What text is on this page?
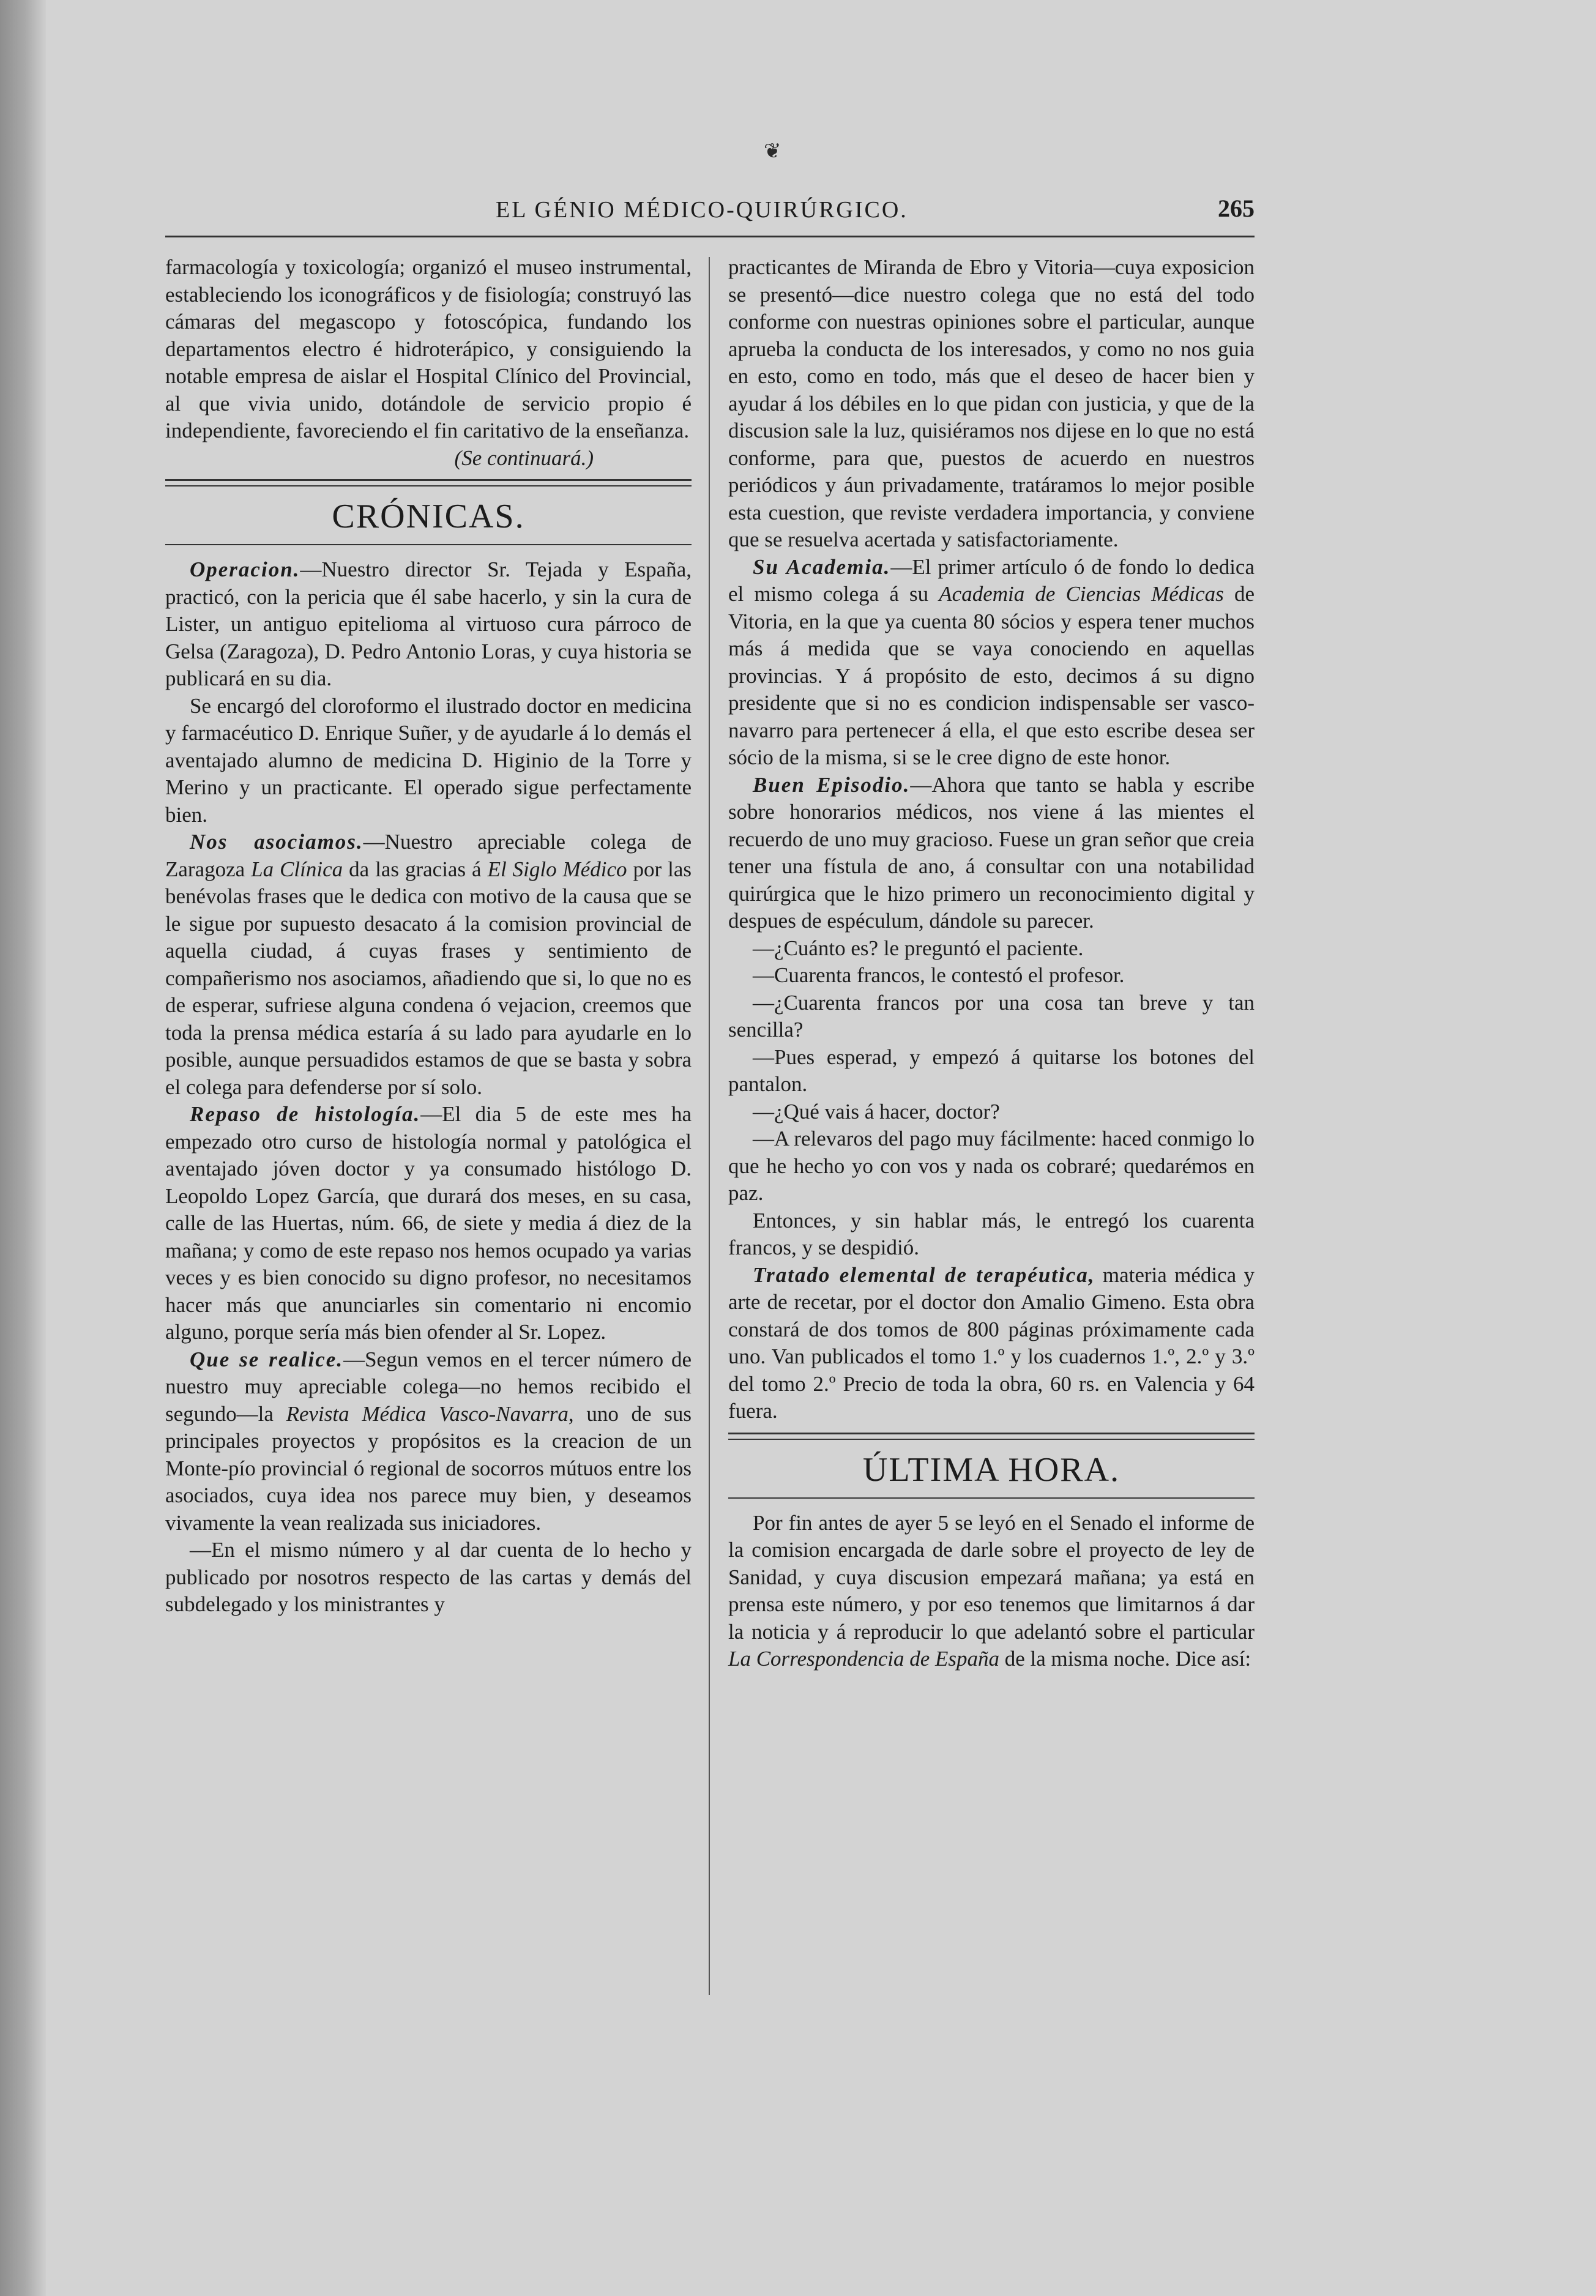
❦
EL GÉNIO MÉDICO-QUIRÚRGICO.	265

farmacología y toxicología; organizó el museo instrumental, estableciendo los iconográficos y de fisiología; construyó las cámaras del megascopo y fotoscópica, fundando los departamentos electro é hidroterápico, y consiguiendo la notable empresa de aislar el Hospital Clínico del Provincial, al que vivia unido, dotándole de servicio propio é independiente, favoreciendo el fin caritativo de la enseñanza.

(Se continuará.)

CRÓNICAS.

Operacion.—Nuestro director Sr. Tejada y España, practicó, con la pericia que él sabe hacerlo, y sin la cura de Lister, un antiguo epitelioma al virtuoso cura párroco de Gelsa (Zaragoza), D. Pedro Antonio Loras, y cuya historia se publicará en su dia.

Se encargó del cloroformo el ilustrado doctor en medicina y farmacéutico D. Enrique Suñer, y de ayudarle á lo demás el aventajado alumno de medicina D. Higinio de la Torre y Merino y un practicante. El operado sigue perfectamente bien.

Nos asociamos.—Nuestro apreciable colega de Zaragoza La Clínica da las gracias á El Siglo Médico por las benévolas frases que le dedica con motivo de la causa que se le sigue por supuesto desacato á la comision provincial de aquella ciudad, á cuyas frases y sentimiento de compañerismo nos asociamos, añadiendo que si, lo que no es de esperar, sufriese alguna condena ó vejacion, creemos que toda la prensa médica estaría á su lado para ayudarle en lo posible, aunque persuadidos estamos de que se basta y sobra el colega para defenderse por sí solo.

Repaso de histología.—El dia 5 de este mes ha empezado otro curso de histología normal y patológica el aventajado jóven doctor y ya consumado histólogo D. Leopoldo Lopez García, que durará dos meses, en su casa, calle de las Huertas, núm. 66, de siete y media á diez de la mañana; y como de este repaso nos hemos ocupado ya varias veces y es bien conocido su digno profesor, no necesitamos hacer más que anunciarles sin comentario ni encomio alguno, porque sería más bien ofender al Sr. Lopez.

Que se realice.—Segun vemos en el tercer número de nuestro muy apreciable colega—no hemos recibido el segundo—la Revista Médica Vasco-Navarra, uno de sus principales proyectos y propósitos es la creacion de un Monte-pío provincial ó regional de socorros mútuos entre los asociados, cuya idea nos parece muy bien, y deseamos vivamente la vean realizada sus iniciadores.

—En el mismo número y al dar cuenta de lo hecho y publicado por nosotros respecto de las cartas y demás del subdelegado y los ministrantes y

practicantes de Miranda de Ebro y Vitoria—cuya exposicion se presentó—dice nuestro colega que no está del todo conforme con nuestras opiniones sobre el particular, aunque aprueba la conducta de los interesados, y como no nos guia en esto, como en todo, más que el deseo de hacer bien y ayudar á los débiles en lo que pidan con justicia, y que de la discusion sale la luz, quisiéramos nos dijese en lo que no está conforme, para que, puestos de acuerdo en nuestros periódicos y áun privadamente, tratáramos lo mejor posible esta cuestion, que reviste verdadera importancia, y conviene que se resuelva acertada y satisfactoriamente.

Su Academia.—El primer artículo ó de fondo lo dedica el mismo colega á su Academia de Ciencias Médicas de Vitoria, en la que ya cuenta 80 sócios y espera tener muchos más á medida que se vaya conociendo en aquellas provincias. Y á propósito de esto, decimos á su digno presidente que si no es condicion indispensable ser vasco-navarro para pertenecer á ella, el que esto escribe desea ser sócio de la misma, si se le cree digno de este honor.

Buen Episodio.—Ahora que tanto se habla y escribe sobre honorarios médicos, nos viene á las mientes el recuerdo de uno muy gracioso. Fuese un gran señor que creia tener una fístula de ano, á consultar con una notabilidad quirúrgica que le hizo primero un reconocimiento digital y despues de espéculum, dándole su parecer.

—¿Cuánto es? le preguntó el paciente.

—Cuarenta francos, le contestó el profesor.

—¿Cuarenta francos por una cosa tan breve y tan sencilla?

—Pues esperad, y empezó á quitarse los botones del pantalon.

—¿Qué vais á hacer, doctor?

—A relevaros del pago muy fácilmente: haced conmigo lo que he hecho yo con vos y nada os cobraré; quedarémos en paz.

Entonces, y sin hablar más, le entregó los cuarenta francos, y se despidió.

Tratado elemental de terapéutica, materia médica y arte de recetar, por el doctor don Amalio Gimeno. Esta obra constará de dos tomos de 800 páginas próximamente cada uno. Van publicados el tomo 1.º y los cuadernos 1.º, 2.º y 3.º del tomo 2.º Precio de toda la obra, 60 rs. en Valencia y 64 fuera.

ÚLTIMA HORA.

Por fin antes de ayer 5 se leyó en el Senado el informe de la comision encargada de darle sobre el proyecto de ley de Sanidad, y cuya discusion empezará mañana; ya está en prensa este número, y por eso tenemos que limitarnos á dar la noticia y á reproducir lo que adelantó sobre el particular La Correspondencia de España de la misma noche. Dice así:
